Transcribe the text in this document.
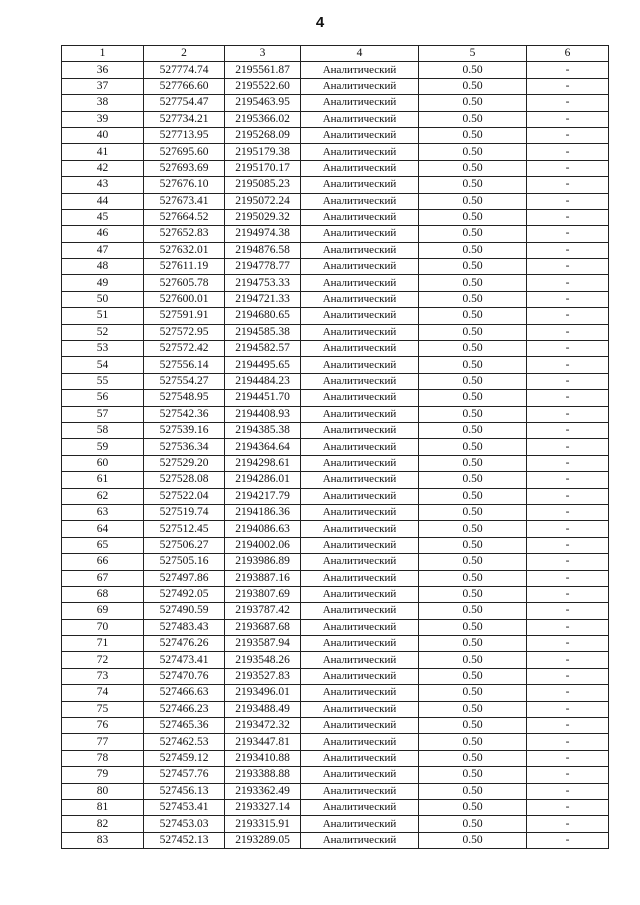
4
1	2	3	4	5	6
36	527774.74	2195561.87	Аналитический	0.50	-
37	527766.60	2195522.60	Аналитический	0.50	-
38	527754.47	2195463.95	Аналитический	0.50	-
39	527734.21	2195366.02	Аналитический	0.50	-
40	527713.95	2195268.09	Аналитический	0.50	-
41	527695.60	2195179.38	Аналитический	0.50	-
42	527693.69	2195170.17	Аналитический	0.50	-
43	527676.10	2195085.23	Аналитический	0.50	-
44	527673.41	2195072.24	Аналитический	0.50	-
45	527664.52	2195029.32	Аналитический	0.50	-
46	527652.83	2194974.38	Аналитический	0.50	-
47	527632.01	2194876.58	Аналитический	0.50	-
48	527611.19	2194778.77	Аналитический	0.50	-
49	527605.78	2194753.33	Аналитический	0.50	-
50	527600.01	2194721.33	Аналитический	0.50	-
51	527591.91	2194680.65	Аналитический	0.50	-
52	527572.95	2194585.38	Аналитический	0.50	-
53	527572.42	2194582.57	Аналитический	0.50	-
54	527556.14	2194495.65	Аналитический	0.50	-
55	527554.27	2194484.23	Аналитический	0.50	-
56	527548.95	2194451.70	Аналитический	0.50	-
57	527542.36	2194408.93	Аналитический	0.50	-
58	527539.16	2194385.38	Аналитический	0.50	-
59	527536.34	2194364.64	Аналитический	0.50	-
60	527529.20	2194298.61	Аналитический	0.50	-
61	527528.08	2194286.01	Аналитический	0.50	-
62	527522.04	2194217.79	Аналитический	0.50	-
63	527519.74	2194186.36	Аналитический	0.50	-
64	527512.45	2194086.63	Аналитический	0.50	-
65	527506.27	2194002.06	Аналитический	0.50	-
66	527505.16	2193986.89	Аналитический	0.50	-
67	527497.86	2193887.16	Аналитический	0.50	-
68	527492.05	2193807.69	Аналитический	0.50	-
69	527490.59	2193787.42	Аналитический	0.50	-
70	527483.43	2193687.68	Аналитический	0.50	-
71	527476.26	2193587.94	Аналитический	0.50	-
72	527473.41	2193548.26	Аналитический	0.50	-
73	527470.76	2193527.83	Аналитический	0.50	-
74	527466.63	2193496.01	Аналитический	0.50	-
75	527466.23	2193488.49	Аналитический	0.50	-
76	527465.36	2193472.32	Аналитический	0.50	-
77	527462.53	2193447.81	Аналитический	0.50	-
78	527459.12	2193410.88	Аналитический	0.50	-
79	527457.76	2193388.88	Аналитический	0.50	-
80	527456.13	2193362.49	Аналитический	0.50	-
81	527453.41	2193327.14	Аналитический	0.50	-
82	527453.03	2193315.91	Аналитический	0.50	-
83	527452.13	2193289.05	Аналитический	0.50	-
